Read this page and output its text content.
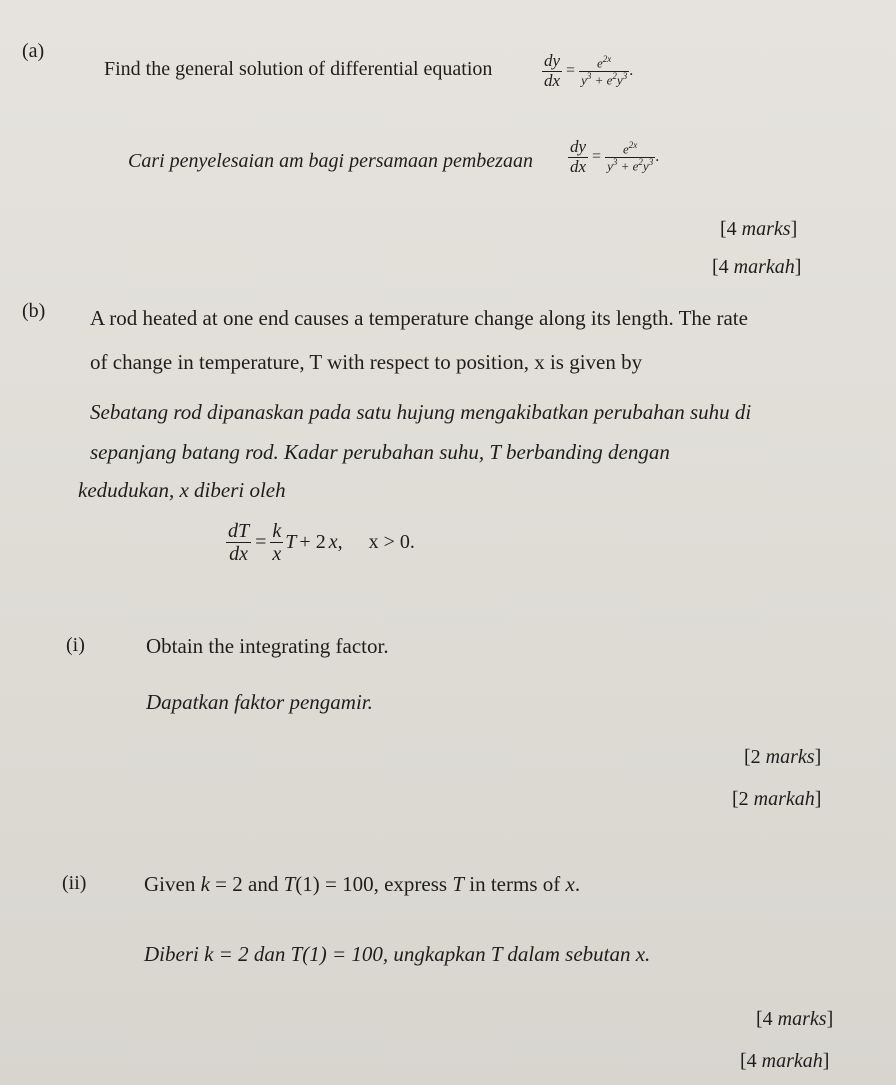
(a)
Find the general solution of differential equation	$\frac{dy}{dx} = \frac{e^{2x}}{y^3 + e^2y^3}$ .
Cari penyelesaian am bagi persamaan pembezaan $\frac{dy}{dx} = \frac{e^{2x}}{y^3 + e^2y^3}$ .
[4 marks]
[4 markah]
(b) A rod heated at one end causes a temperature change along its length. The rate
of change in temperature, T with respect to position, x is given by
Sebatang rod dipanaskan pada satu hujung mengakibatkan perubahan suhu di
sepanjang batang rod. Kadar perubahan suhu, T berbanding dengan
kedudukan, x diberi oleh
$\frac{dT}{dx} = \frac{k}{x}$ T + 2 x , x > 0.
(i)	Obtain the integrating factor.
Dapatkan faktor pengamir.
[2 marks]
[2 markah]
(ii)	Given k = 2 and T(1) = 100, express T in terms of x.
Diberi k = 2 dan T(1) = 100, ungkapkan T dalam sebutan x.
[4 marks]
[4 markah]
